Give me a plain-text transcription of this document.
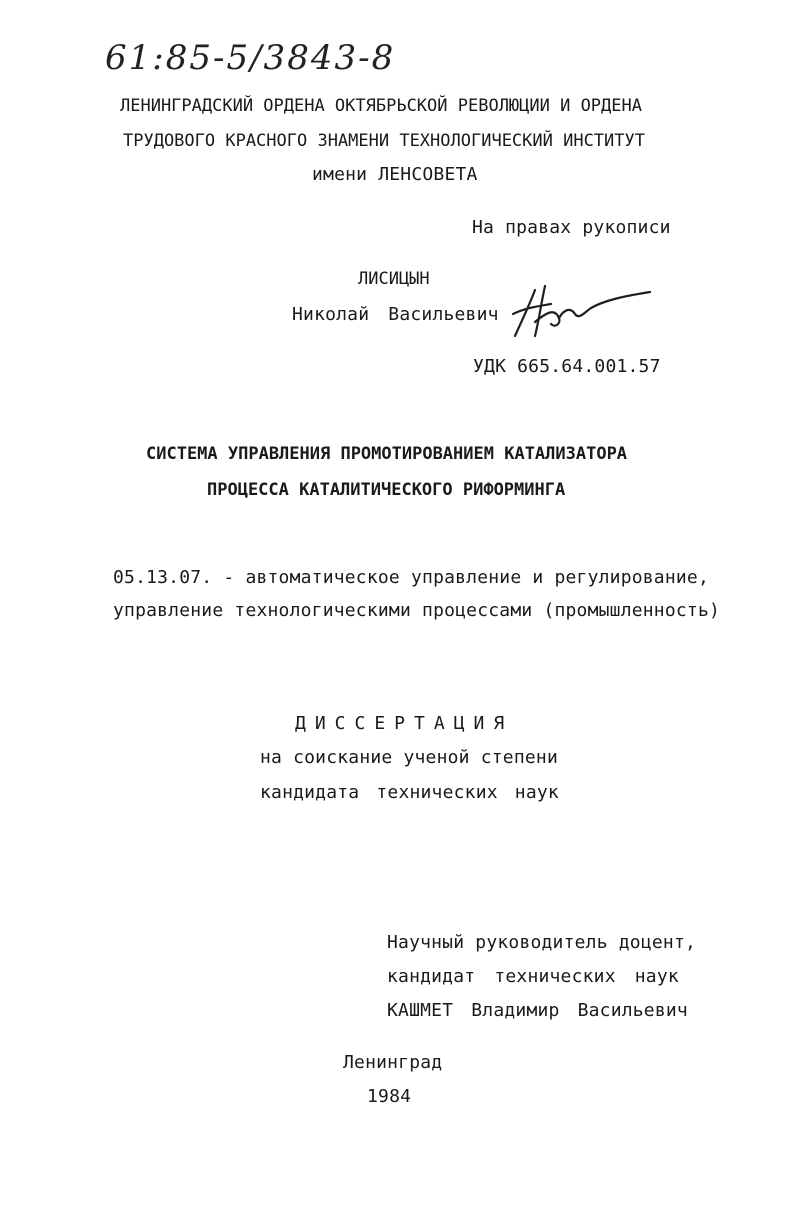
61:85-5/3843-8
ЛЕНИНГРАДСКИЙ ОРДЕНА ОКТЯБРЬСКОЙ РЕВОЛЮЦИИ И ОРДЕНА
ТРУДОВОГО КРАСНОГО ЗНАМЕНИ ТЕХНОЛОГИЧЕСКИЙ ИНСТИТУТ
имени ЛЕНСОВЕТА
На правах рукописи
ЛИСИЦЫН
Николай Васильевич
УДК 665.64.001.57
СИСТЕМА УПРАВЛЕНИЯ ПРОМОТИРОВАНИЕМ КАТАЛИЗАТОРА
ПРОЦЕССА КАТАЛИТИЧЕСКОГО РИФОРМИНГА
05.13.07. - автоматическое управление и регулирование,
управление технологическими процессами (промышленность)
ДИССЕРТАЦИЯ
на соискание ученой степени
кандидата технических наук
Научный руководитель доцент,
кандидат технических наук
КАШМЕТ Владимир Васильевич
Ленинград
1984
